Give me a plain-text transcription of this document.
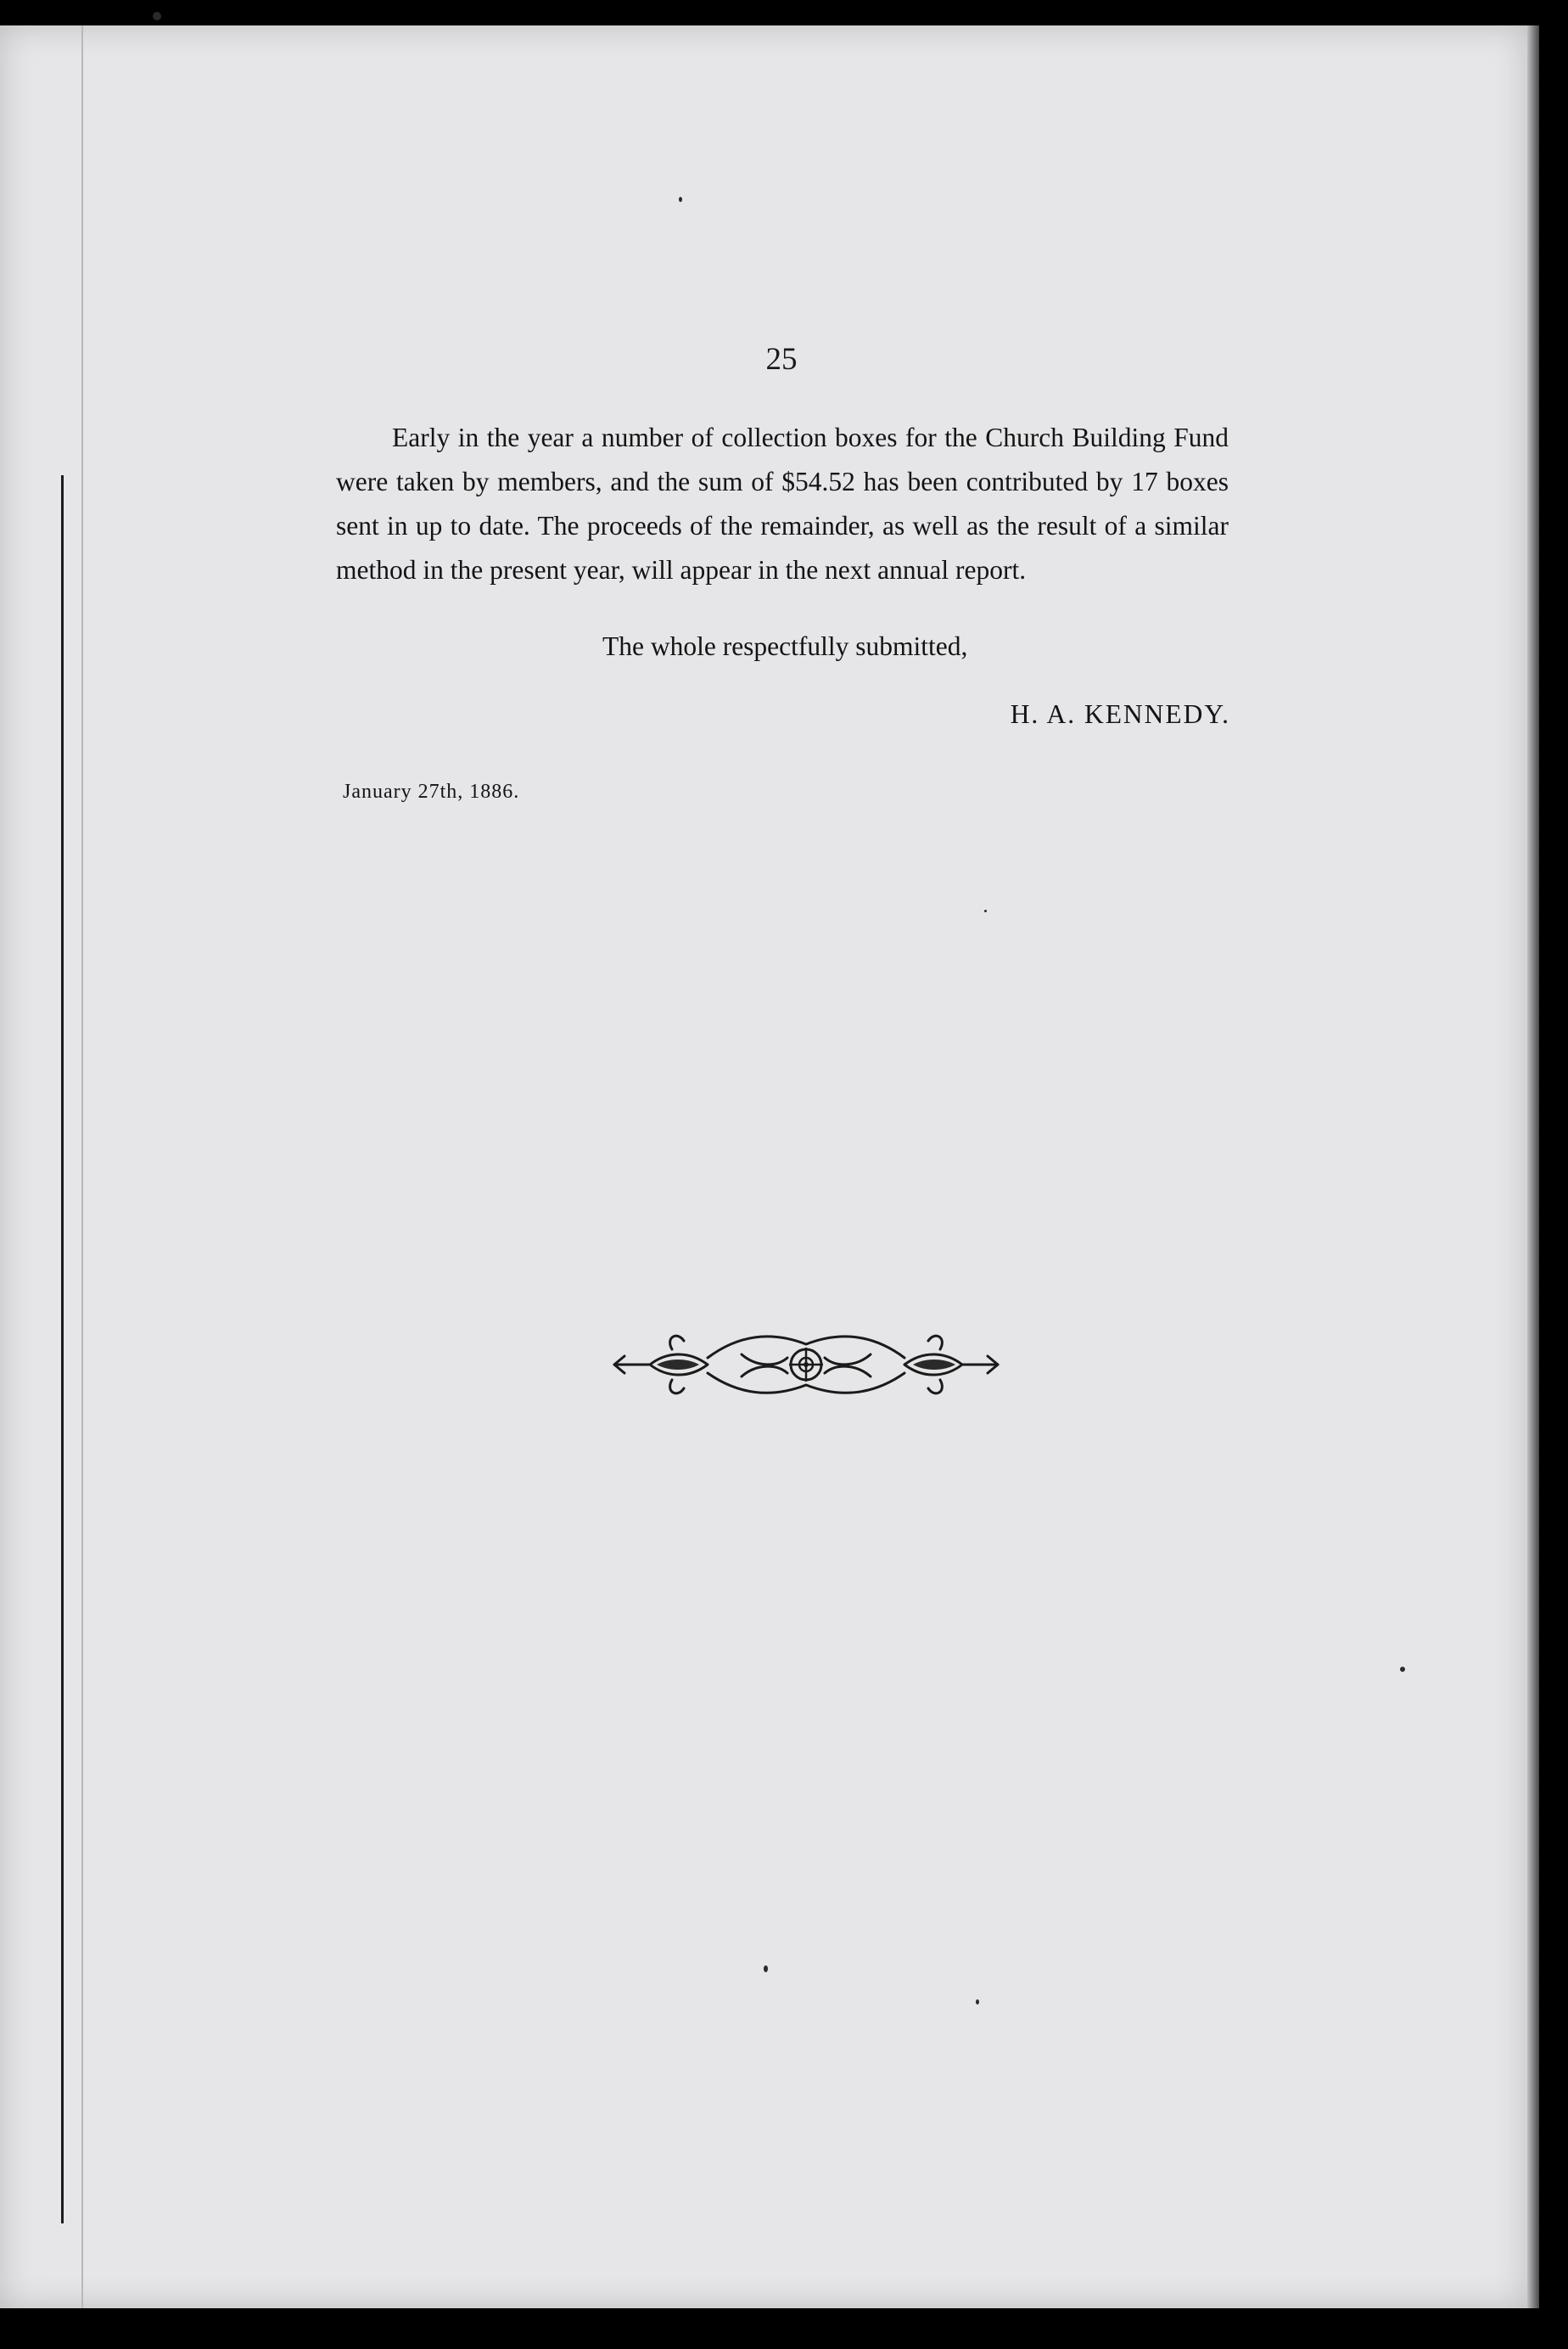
25

Early in the year a number of collection boxes for the Church Building Fund were taken by members, and the sum of $54.52 has been contributed by 17 boxes sent in up to date. The proceeds of the remainder, as well as the result of a similar method in the present year, will appear in the next annual report.

The whole respectfully submitted,

H. A. KENNEDY.

January 27th, 1886.
